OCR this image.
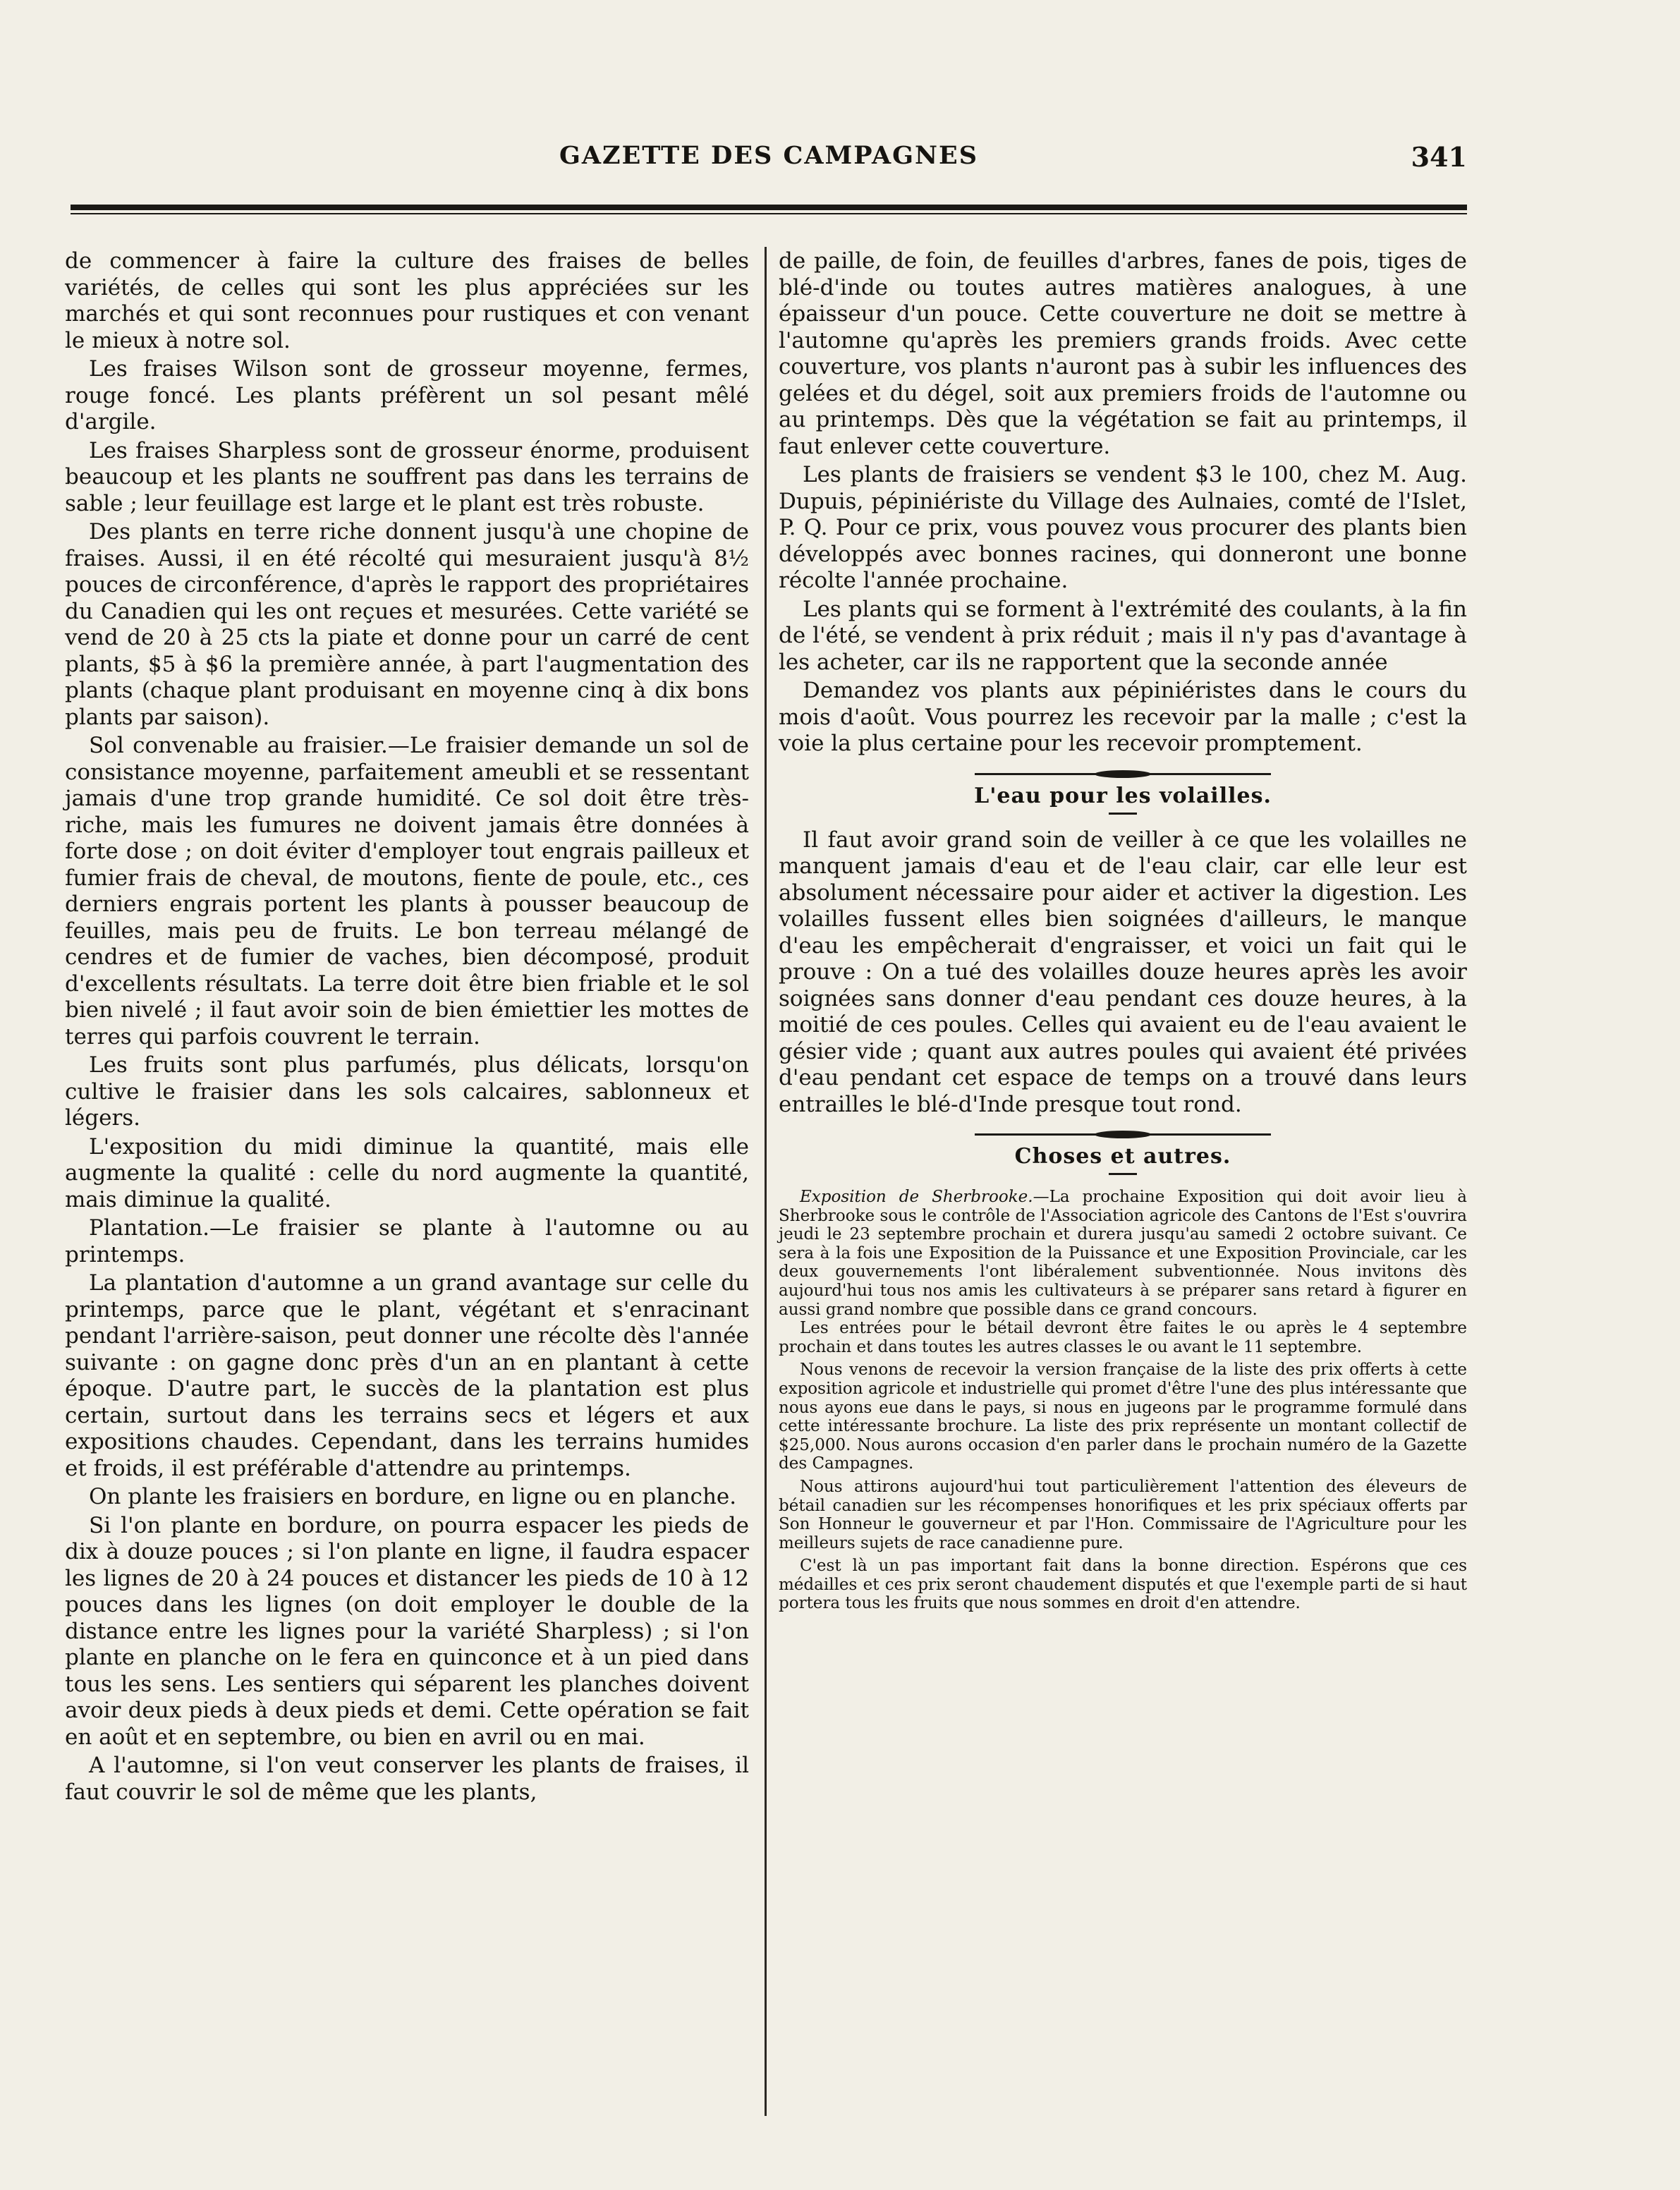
GAZETTE DES CAMPAGNES	341

de commencer à faire la culture des fraises de belles variétés, de celles qui sont les plus appréciées sur les marchés et qui sont reconnues pour rustiques et con venant le mieux à notre sol.

Les fraises Wilson sont de grosseur moyenne, fermes, rouge foncé. Les plants préfèrent un sol pesant mêlé d'argile.

Les fraises Sharpless sont de grosseur énorme, produisent beaucoup et les plants ne souffrent pas dans les terrains de sable ; leur feuillage est large et le plant est très robuste.

Des plants en terre riche donnent jusqu'à une chopine de fraises. Aussi, il en été récolté qui mesuraient jusqu'à 8½ pouces de circonférence, d'après le rapport des propriétaires du Canadien qui les ont reçues et mesurées. Cette variété se vend de 20 à 25 cts la piate et donne pour un carré de cent plants, $5 à $6 la première année, à part l'augmentation des plants (chaque plant produisant en moyenne cinq à dix bons plants par saison).

Sol convenable au fraisier.—Le fraisier demande un sol de consistance moyenne, parfaitement ameubli et se ressentant jamais d'une trop grande humidité. Ce sol doit être très-riche, mais les fumures ne doivent jamais être données à forte dose ; on doit éviter d'employer tout engrais pailleux et fumier frais de cheval, de moutons, fiente de poule, etc., ces derniers engrais portent les plants à pousser beaucoup de feuilles, mais peu de fruits. Le bon terreau mélangé de cendres et de fumier de vaches, bien décomposé, produit d'excellents résultats. La terre doit être bien friable et le sol bien nivelé ; il faut avoir soin de bien émiettier les mottes de terres qui parfois couvrent le terrain.

Les fruits sont plus parfumés, plus délicats, lorsqu'on cultive le fraisier dans les sols calcaires, sablonneux et légers.

L'exposition du midi diminue la quantité, mais elle augmente la qualité : celle du nord augmente la quantité, mais diminue la qualité.

Plantation.—Le fraisier se plante à l'automne ou au printemps.

La plantation d'automne a un grand avantage sur celle du printemps, parce que le plant, végétant et s'enracinant pendant l'arrière-saison, peut donner une récolte dès l'année suivante : on gagne donc près d'un an en plantant à cette époque. D'autre part, le succès de la plantation est plus certain, surtout dans les terrains secs et légers et aux expositions chaudes. Cependant, dans les terrains humides et froids, il est préférable d'attendre au printemps.

On plante les fraisiers en bordure, en ligne ou en planche.

Si l'on plante en bordure, on pourra espacer les pieds de dix à douze pouces ; si l'on plante en ligne, il faudra espacer les lignes de 20 à 24 pouces et distancer les pieds de 10 à 12 pouces dans les lignes (on doit employer le double de la distance entre les lignes pour la variété Sharpless) ; si l'on plante en planche on le fera en quinconce et à un pied dans tous les sens. Les sentiers qui séparent les planches doivent avoir deux pieds à deux pieds et demi. Cette opération se fait en août et en septembre, ou bien en avril ou en mai.

A l'automne, si l'on veut conserver les plants de fraises, il faut couvrir le sol de même que les plants,

de paille, de foin, de feuilles d'arbres, fanes de pois, tiges de blé-d'inde ou toutes autres matières analogues, à une épaisseur d'un pouce. Cette couverture ne doit se mettre à l'automne qu'après les premiers grands froids. Avec cette couverture, vos plants n'auront pas à subir les influences des gelées et du dégel, soit aux premiers froids de l'automne ou au printemps. Dès que la végétation se fait au printemps, il faut enlever cette couverture.

Les plants de fraisiers se vendent $3 le 100, chez M. Aug. Dupuis, pépiniériste du Village des Aulnaies, comté de l'Islet, P. Q. Pour ce prix, vous pouvez vous procurer des plants bien développés avec bonnes racines, qui donneront une bonne récolte l'année prochaine.

Les plants qui se forment à l'extrémité des coulants, à la fin de l'été, se vendent à prix réduit ; mais il n'y pas d'avantage à les acheter, car ils ne rapportent que la seconde année

Demandez vos plants aux pépiniéristes dans le cours du mois d'août. Vous pourrez les recevoir par la malle ; c'est la voie la plus certaine pour les recevoir promptement.

L'eau pour les volailles.

Il faut avoir grand soin de veiller à ce que les volailles ne manquent jamais d'eau et de l'eau clair, car elle leur est absolument nécessaire pour aider et activer la digestion. Les volailles fussent elles bien soignées d'ailleurs, le manque d'eau les empêcherait d'engraisser, et voici un fait qui le prouve : On a tué des volailles douze heures après les avoir soignées sans donner d'eau pendant ces douze heures, à la moitié de ces poules. Celles qui avaient eu de l'eau avaient le gésier vide ; quant aux autres poules qui avaient été privées d'eau pendant cet espace de temps on a trouvé dans leurs entrailles le blé-d'Inde presque tout rond.

Choses et autres.

Exposition de Sherbrooke.—La prochaine Exposition qui doit avoir lieu à Sherbrooke sous le contrôle de l'Association agricole des Cantons de l'Est s'ouvrira jeudi le 23 septembre prochain et durera jusqu'au samedi 2 octobre suivant. Ce sera à la fois une Exposition de la Puissance et une Exposition Provinciale, car les deux gouvernements l'ont libéralement subventionnée. Nous invitons dès aujourd'hui tous nos amis les cultivateurs à se préparer sans retard à figurer en aussi grand nombre que possible dans ce grand concours.

Les entrées pour le bétail devront être faites le ou après le 4 septembre prochain et dans toutes les autres classes le ou avant le 11 septembre.

Nous venons de recevoir la version française de la liste des prix offerts à cette exposition agricole et industrielle qui promet d'être l'une des plus intéressante que nous ayons eue dans le pays, si nous en jugeons par le programme formulé dans cette intéressante brochure. La liste des prix représente un montant collectif de $25,000. Nous aurons occasion d'en parler dans le prochain numéro de la Gazette des Campagnes.

Nous attirons aujourd'hui tout particulièrement l'attention des éleveurs de bétail canadien sur les récompenses honorifiques et les prix spéciaux offerts par Son Honneur le gouverneur et par l'Hon. Commissaire de l'Agriculture pour les meilleurs sujets de race canadienne pure.

C'est là un pas important fait dans la bonne direction. Espérons que ces médailles et ces prix seront chaudement disputés et que l'exemple parti de si haut portera tous les fruits que nous sommes en droit d'en attendre.
